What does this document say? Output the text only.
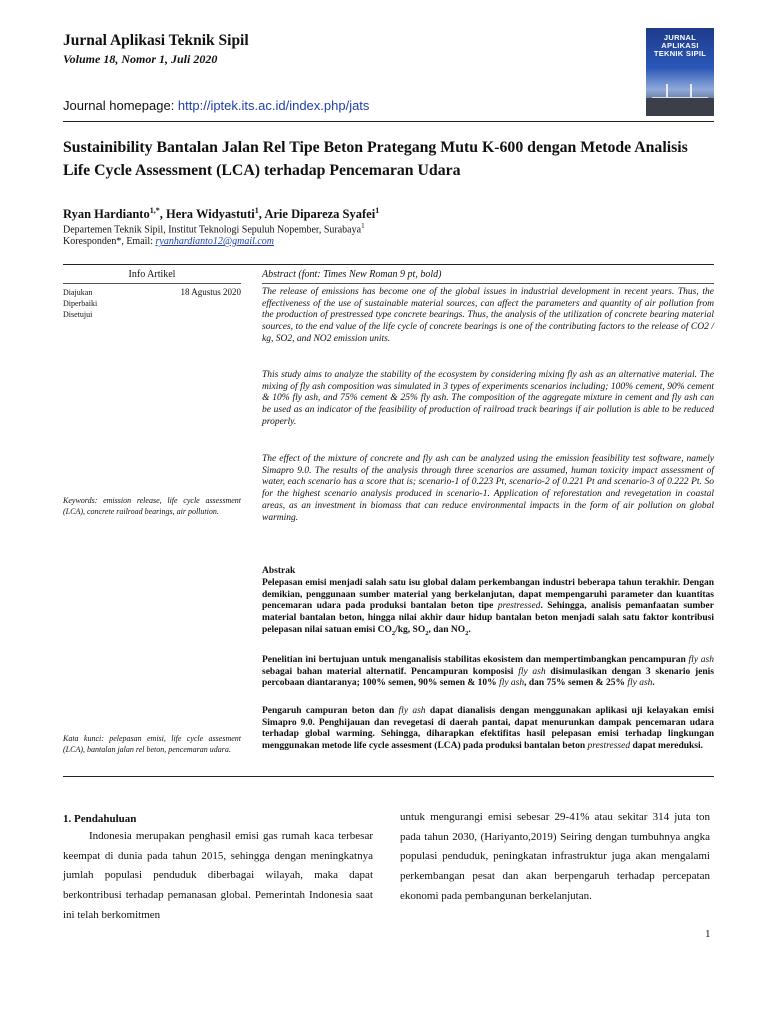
Jurnal Aplikasi Teknik Sipil
Volume 18, Nomor 1, Juli 2020
Journal homepage: http://iptek.its.ac.id/index.php/jats
JURNAL APLIKASI TEKNIK SIPIL
Sustainibility Bantalan Jalan Rel Tipe Beton Prategang Mutu K-600 dengan Metode Analisis Life Cycle Assessment (LCA) terhadap Pencemaran Udara
Ryan Hardianto$^{1,*}$, Hera Widyastuti$^1$, Arie Dipareza Syafei$^1$
Departemen Teknik Sipil, Institut Teknologi Sepuluh Nopember, Surabaya$^1$
Koresponden*, Email: ryanhardianto12@gmail.com
Info Artikel	Abstract (font: Times New Roman 9 pt, bold)
Diajukan
Diperbaiki
Disetujui
18 Agustus 2020
Keywords: emission release, life cycle assessment (LCA), concrete railroad bearings, air pollution.
Kata kunci: pelepasan emisi, life cycle assesment (LCA), bantalan jalan rel beton, pencemaran udara.
The release of emissions has become one of the global issues in industrial development in recent years. Thus, the effectiveness of the use of sustainable material sources, can affect the parameters and quantity of air pollution from the production of prestressed type concrete bearings. Thus, the analysis of the utilization of concrete bearing material sources, to the end value of the life cycle of concrete bearings is one of the contributing factors to the release of CO2 / kg, SO2, and NO2 emission units.
This study aims to analyze the stability of the ecosystem by considering mixing fly ash as an alternative material. The mixing of fly ash composition was simulated in 3 types of experiments scenarios including; 100% cement, 90% cement & 10% fly ash, and 75% cement & 25% fly ash. The composition of the aggregate mixture in cement and fly ash can be used as an indicator of the feasibility of production of railroad track bearings if air pollution is able to be reduced properly.
The effect of the mixture of concrete and fly ash can be analyzed using the emission feasibility test software, namely Simapro 9.0. The results of the analysis through three scenarios are assumed, human toxicity impact assessment of water, each scenario has a score that is; scenario-1 of 0.223 Pt, scenario-2 of 0.221 Pt and scenario-3 of 0.222 Pt. So for the highest scenario analysis produced in scenario-1. Application of reforestation and revegetation in coastal areas, as an investment in biomass that can reduce environmental impacts in the form of air pollution on global warming.
Abstrak
Pelepasan emisi menjadi salah satu isu global dalam perkembangan industri beberapa tahun terakhir. Dengan demikian, penggunaan sumber material yang berkelanjutan, dapat mempengaruhi parameter dan kuantitas pencemaran udara pada produksi bantalan beton tipe prestressed. Sehingga, analisis pemanfaatan sumber material bantalan beton, hingga nilai akhir daur hidup bantalan beton menjadi salah satu faktor kontribusi pelepasan nilai satuan emisi $CO_2/kg$, $SO_2$, dan $NO_2$.
Penelitian ini bertujuan untuk menganalisis stabilitas ekosistem dan mempertimbangkan pencampuran fly ash sebagai bahan material alternatif. Pencampuran komposisi fly ash disimulasikan dengan 3 skenario jenis percobaan diantaranya; 100% semen, 90% semen & 10% fly ash, dan 75% semen & 25% fly ash.
Pengaruh campuran beton dan fly ash dapat dianalisis dengan menggunakan aplikasi uji kelayakan emisi Simapro 9.0. Penghijauan dan revegetasi di daerah pantai, dapat menurunkan dampak pencemaran udara terhadap global warming. Sehingga, diharapkan efektifitas hasil pelepasan emisi terhadap lingkungan menggunakan metode life cycle assesment (LCA) pada produksi bantalan beton prestressed dapat mereduksi.
1. Pendahuluan
Indonesia merupakan penghasil emisi gas rumah kaca terbesar keempat di dunia pada tahun 2015, sehingga dengan meningkatnya jumlah populasi penduduk diberbagai wilayah, maka dapat berkontribusi terhadap pemanasan global. Pemerintah Indonesia saat ini telah berkomitmen
untuk mengurangi emisi sebesar 29-41% atau sekitar 314 juta ton pada tahun 2030, (Hariyanto,2019) Seiring dengan tumbuhnya angka populasi penduduk, peningkatan infrastruktur juga akan mengalami perkembangan pesat dan akan berpengaruh terhadap percepatan ekonomi pada pembangunan berkelanjutan.
1
